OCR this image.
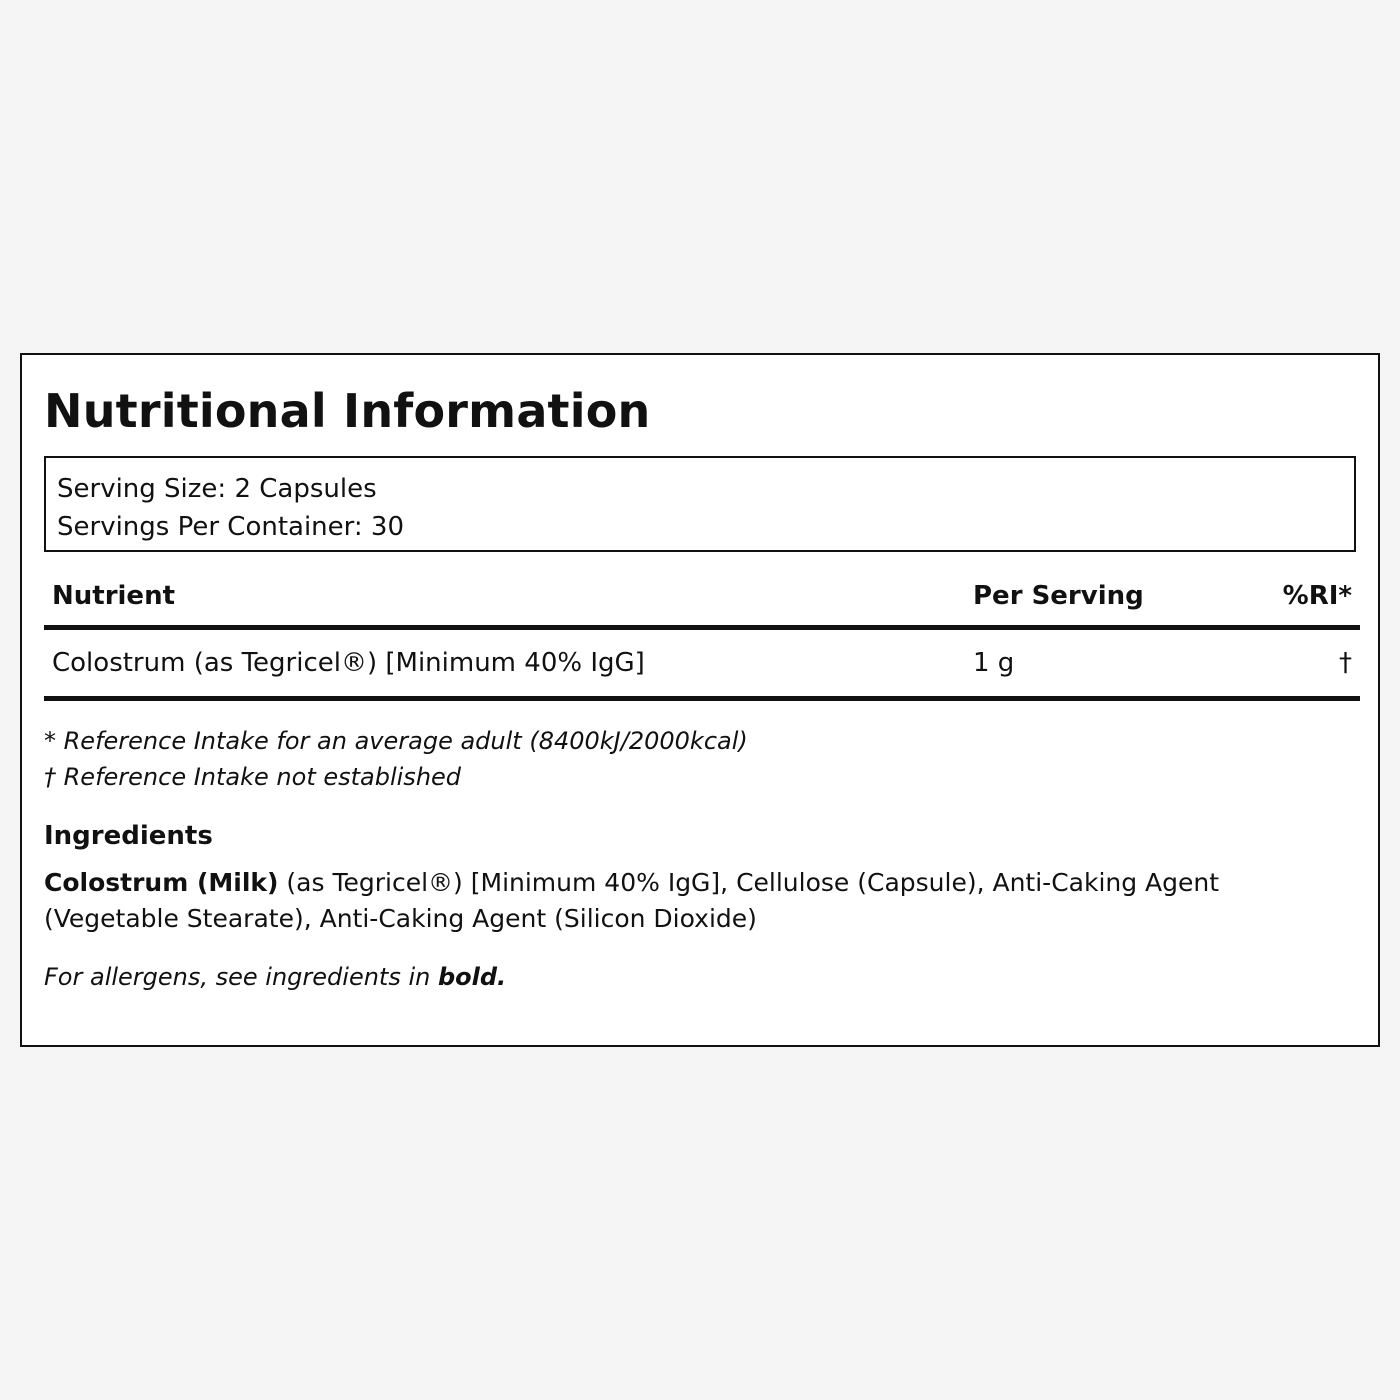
Nutritional Information
Serving Size: 2 Capsules
Servings Per Container: 30
Nutrient	Per Serving	%RI*
Colostrum (as Tegricel®) [Minimum 40% IgG]	1 g	†
* Reference Intake for an average adult (8400kJ/2000kcal)
† Reference Intake not established
Ingredients
Colostrum (Milk) (as Tegricel®) [Minimum 40% IgG], Cellulose (Capsule), Anti-Caking Agent (Vegetable Stearate), Anti-Caking Agent (Silicon Dioxide)
For allergens, see ingredients in bold.
